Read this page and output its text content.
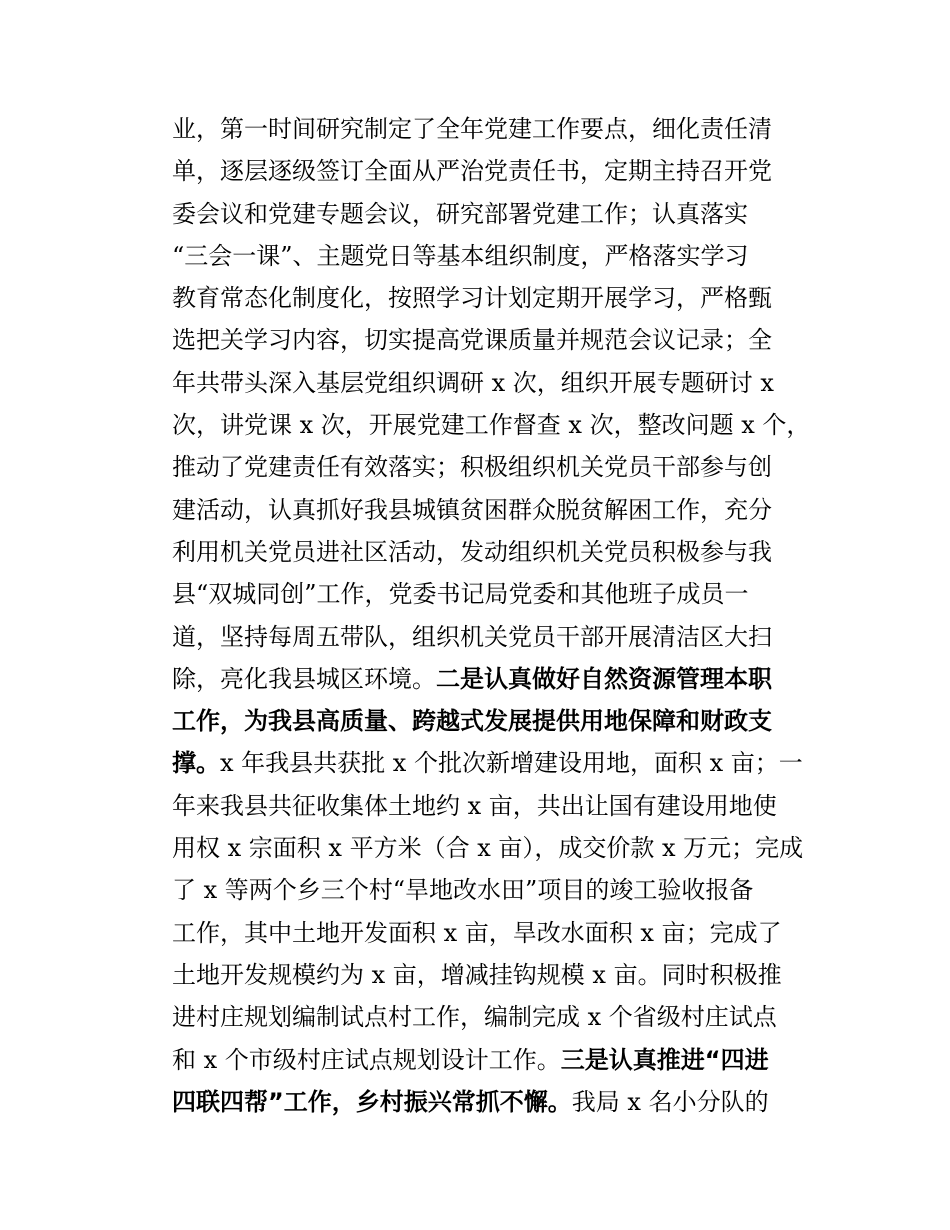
业，第一时间研究制定了全年党建工作要点，细化责任清
单，逐层逐级签订全面从严治党责任书，定期主持召开党
委会议和党建专题会议，研究部署党建工作；认真落实
“三会一课”、主题党日等基本组织制度，严格落实学习
教育常态化制度化，按照学习计划定期开展学习，严格甄
选把关学习内容，切实提高党课质量并规范会议记录；全
年共带头深入基层党组织调研 x 次，组织开展专题研讨 x
次，讲党课 x 次，开展党建工作督查 x 次，整改问题 x 个，
推动了党建责任有效落实；积极组织机关党员干部参与创
建活动，认真抓好我县城镇贫困群众脱贫解困工作，充分
利用机关党员进社区活动，发动组织机关党员积极参与我
县“双城同创”工作，党委书记局党委和其他班子成员一
道，坚持每周五带队，组织机关党员干部开展清洁区大扫
除，亮化我县城区环境。二是认真做好自然资源管理本职
工作，为我县高质量、跨越式发展提供用地保障和财政支
撑。x 年我县共获批 x 个批次新增建设用地，面积 x 亩；一
年来我县共征收集体土地约 x 亩，共出让国有建设用地使
用权 x 宗面积 x 平方米（合 x 亩），成交价款 x 万元；完成
了 x 等两个乡三个村“旱地改水田”项目的竣工验收报备
工作，其中土地开发面积 x 亩，旱改水面积 x 亩；完成了
土地开发规模约为 x 亩，增减挂钩规模 x 亩。同时积极推
进村庄规划编制试点村工作，编制完成 x 个省级村庄试点
和 x 个市级村庄试点规划设计工作。三是认真推进“四进
四联四帮”工作，乡村振兴常抓不懈。我局 x 名小分队的
